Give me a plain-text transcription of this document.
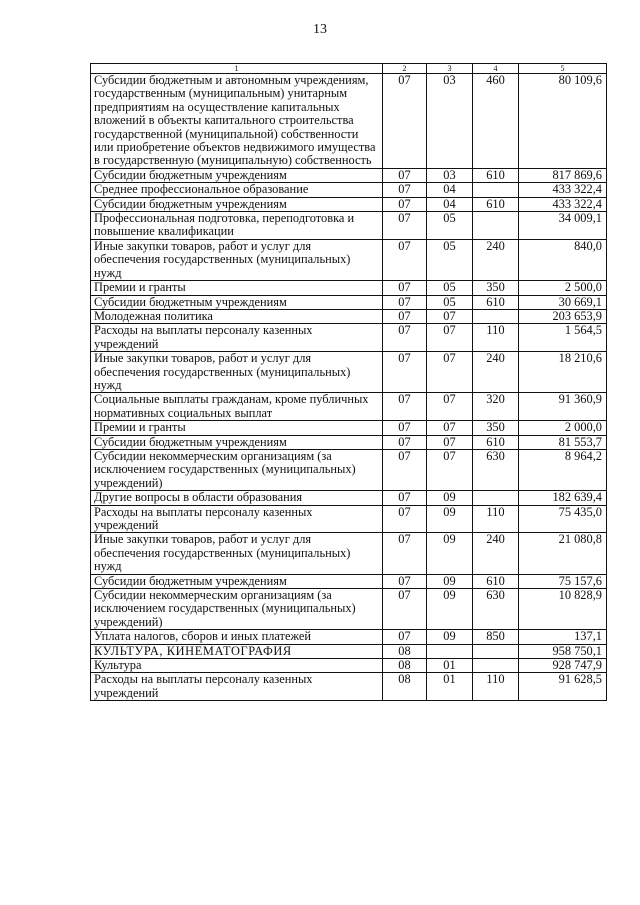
13
1	2	3	4	5
Субсидии бюджетным и автономным учреждениям, государственным (муниципальным) унитарным предприятиям на осуществление капитальных вложений в объекты капитального строительства государственной (муниципальной) собственности или приобретение объектов недвижимого имущества в государственную (муниципальную) собственность	07	03	460	80 109,6
Субсидии бюджетным учреждениям	07	03	610	817 869,6
Среднее профессиональное образование	07	04		433 322,4
Субсидии бюджетным учреждениям	07	04	610	433 322,4
Профессиональная подготовка, переподготовка и повышение квалификации	07	05		34 009,1
Иные закупки товаров, работ и услуг для обеспечения государственных (муниципальных) нужд	07	05	240	840,0
Премии и гранты	07	05	350	2 500,0
Субсидии бюджетным учреждениям	07	05	610	30 669,1
Молодежная политика	07	07		203 653,9
Расходы на выплаты персоналу казенных учреждений	07	07	110	1 564,5
Иные закупки товаров, работ и услуг для обеспечения государственных (муниципальных) нужд	07	07	240	18 210,6
Социальные выплаты гражданам, кроме публичных нормативных социальных выплат	07	07	320	91 360,9
Премии и гранты	07	07	350	2 000,0
Субсидии бюджетным учреждениям	07	07	610	81 553,7
Субсидии некоммерческим организациям (за исключением государственных (муниципальных) учреждений)	07	07	630	8 964,2
Другие вопросы в области образования	07	09		182 639,4
Расходы на выплаты персоналу казенных учреждений	07	09	110	75 435,0
Иные закупки товаров, работ и услуг для обеспечения государственных (муниципальных) нужд	07	09	240	21 080,8
Субсидии бюджетным учреждениям	07	09	610	75 157,6
Субсидии некоммерческим организациям (за исключением государственных (муниципальных) учреждений)	07	09	630	10 828,9
Уплата налогов, сборов и иных платежей	07	09	850	137,1
КУЛЬТУРА, КИНЕМАТОГРАФИЯ	08			958 750,1
Культура	08	01		928 747,9
Расходы на выплаты персоналу казенных учреждений	08	01	110	91 628,5
